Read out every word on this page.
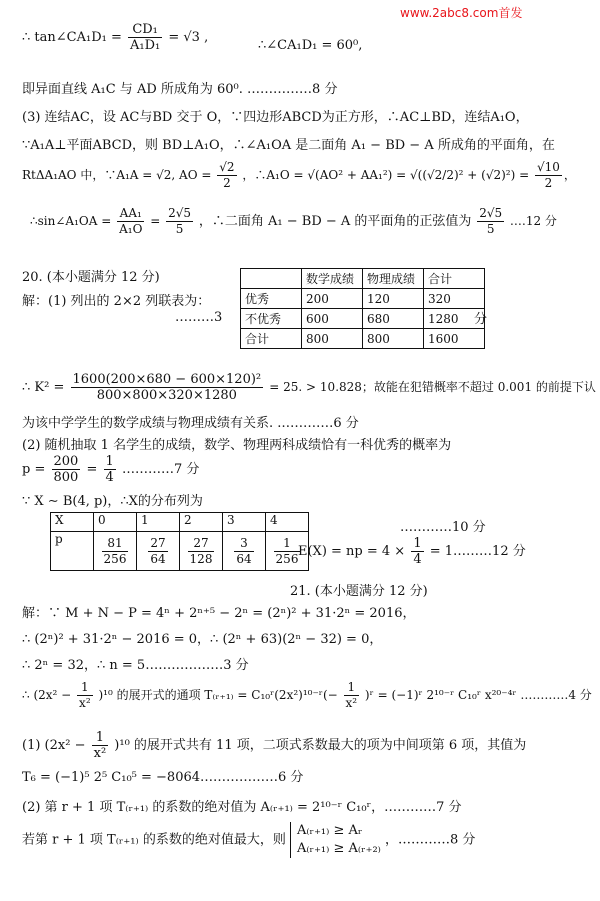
www.2abc8.com首发
∴ tan∠CA₁D₁ = $\frac{\text{CD₁}}{\text{A₁D₁}} = √3$ ,
∴∠CA₁D₁ = 60⁰,
即异面直线 A₁C 与 AD 所成角为 60⁰. ……………8 分
(3) 连结AC，设 AC与BD 交于 O，∵四边形ABCD为正方形，∴AC⊥BD，连结A₁O，
∵A₁A⊥平面ABCD，则 BD⊥A₁O，∴∠A₁OA 是二面角 A₁ − BD − A 所成角的平面角，在
RtΔA₁AO 中，∵A₁A = √2, AO = $\frac{√2}{2}$ ，∴A₁O = $√(AO^2 + AA_1^2) = √((√2/2)^2 + (√2)^2) = \frac{√10}{2}$ ，
∴sin∠A₁OA = $\frac{\text{AA₁}}{\text{A₁O}} = \frac{2√5}{5}$ ，∴二面角 A₁ − BD − A 的平面角的正弦值为 $\frac{2√5}{5}$ .…12 分
20. (本小题满分 12 分)
解：(1) 列出的 2×2 列联表为：
………3
	数学成绩	物理成绩	合计
优秀	200	120	320
不优秀	600	680	1280
合计	800	800	1600
分
∴ $K^2 = \frac{\text{1600(200×680 − 600×120)²}}{800\times 800\times 320\times 1280} = 25$. > 10.828；故能在犯错概率不超过 0.001 的前提下认
为该中学学生的数学成绩与物理成绩有关系. .…………6 分
(2) 随机抽取 1 名学生的成绩，数学、物理两科成绩恰有一科优秀的概率为
$p = \frac{200}{800} = \frac{1}{4}$ …………7 分
∵ X ∼ B(4, p)，∴X的分布列为
X	0	1	2	3	4
p	$\frac{81}{256}$	$\frac{27}{64}$	$\frac{27}{128}$	$\frac{3}{64}$	$\frac{1}{256}$
…………10 分
E(X) = np = $4 \times \frac{1}{4}$ = 1………12 分
21. (本小题满分 12 分)
解：∵ M + N − P = 4ⁿ + 2ⁿ⁺⁵ − 2ⁿ = (2ⁿ)² + 31·2ⁿ = 2016，
∴ (2ⁿ)² + 31·2ⁿ − 2016 = 0，∴ (2ⁿ + 63)(2ⁿ − 32) = 0，
∴ 2ⁿ = 32，∴ n = 5………………3 分
∴ $(2x^2 - \frac{1}{\text{x²}} )^{10}$ 的展开式的通项 T₍ᵣ₊₁₎ = C₁₀ʳ(2x²)¹⁰⁻ʳ(− $\frac{1}{\text{x²}}$ )ʳ = (−1)ʳ 2¹⁰⁻ʳ C₁₀ʳ x²⁰⁻⁴ʳ …………4 分
(1) $(2x^2 - \frac{1}{\text{x²}} )^{10}$ 的展开式共有 11 项，二项式系数最大的项为中间项第 6 项，其值为
T₆ = (−1)⁵ 2⁵ C₁₀⁵ = −8064………………6 分
(2) 第 r + 1 项 T₍ᵣ₊₁₎ 的系数的绝对值为 A₍ᵣ₊₁₎ = 2¹⁰⁻ʳ C₁₀ʳ，…………7 分
若第 r + 1 项 T₍ᵣ₊₁₎ 的系数的绝对值最大，则
A₍ᵣ₊₁₎ ≥ Aᵣ
A₍ᵣ₊₁₎ ≥ A₍ᵣ₊₂₎
，…………8 分
